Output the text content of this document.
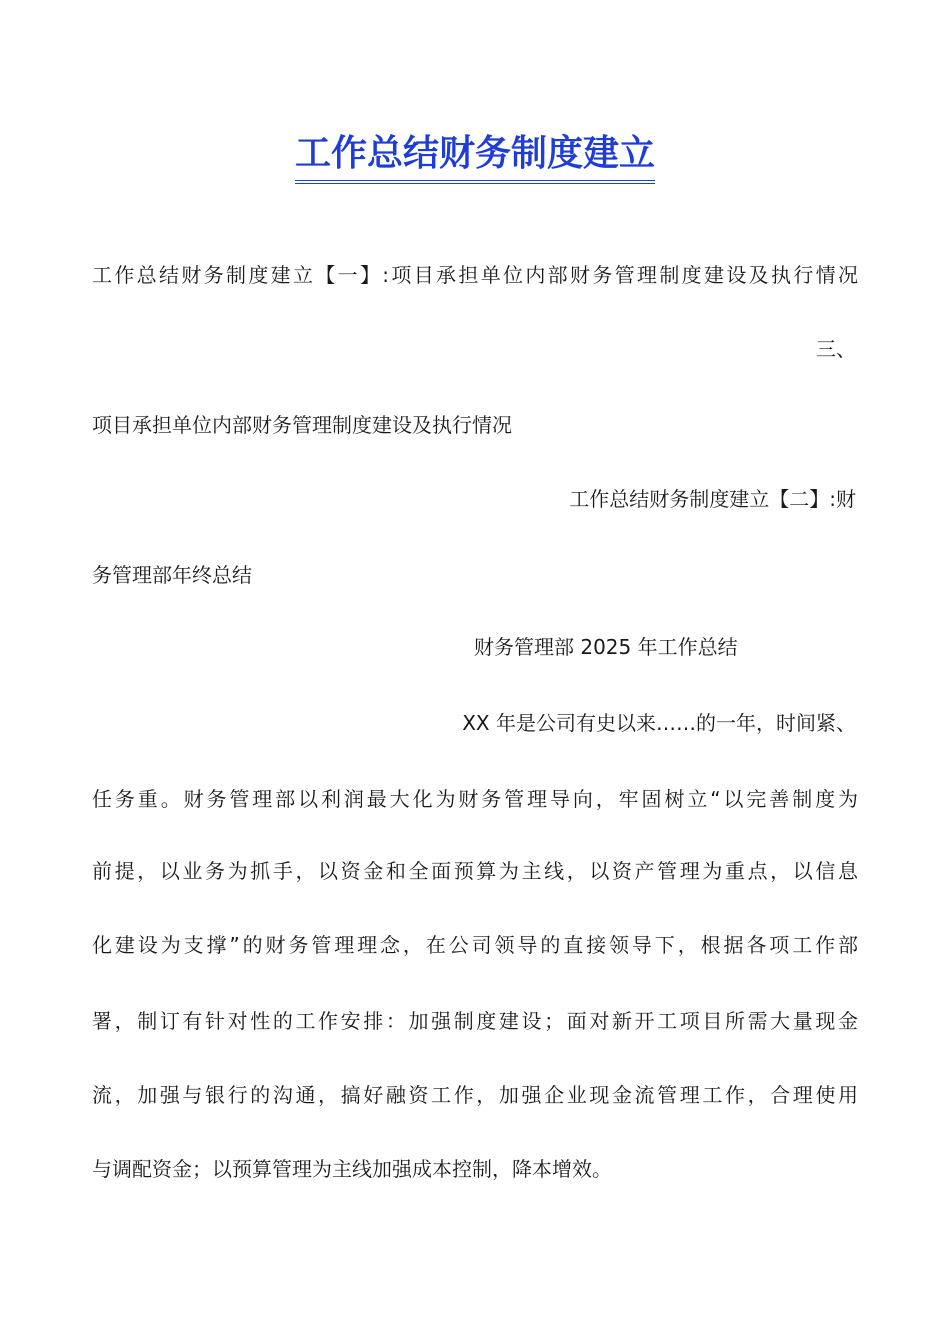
工作总结财务制度建立
工作总结财务制度建立【一】:项目承担单位内部财务管理制度建设及执行情况
三、
项目承担单位内部财务管理制度建设及执行情况
工作总结财务制度建立【二】:财
务管理部年终总结
财务管理部 2025 年工作总结
XX 年是公司有史以来……的一年，时间紧、
任务重。财务管理部以利润最大化为财务管理导向，牢固树立“以完善制度为
前提，以业务为抓手，以资金和全面预算为主线，以资产管理为重点，以信息
化建设为支撑”的财务管理理念，在公司领导的直接领导下，根据各项工作部
署，制订有针对性的工作安排：加强制度建设；面对新开工项目所需大量现金
流，加强与银行的沟通，搞好融资工作，加强企业现金流管理工作，合理使用
与调配资金；以预算管理为主线加强成本控制，降本增效。
